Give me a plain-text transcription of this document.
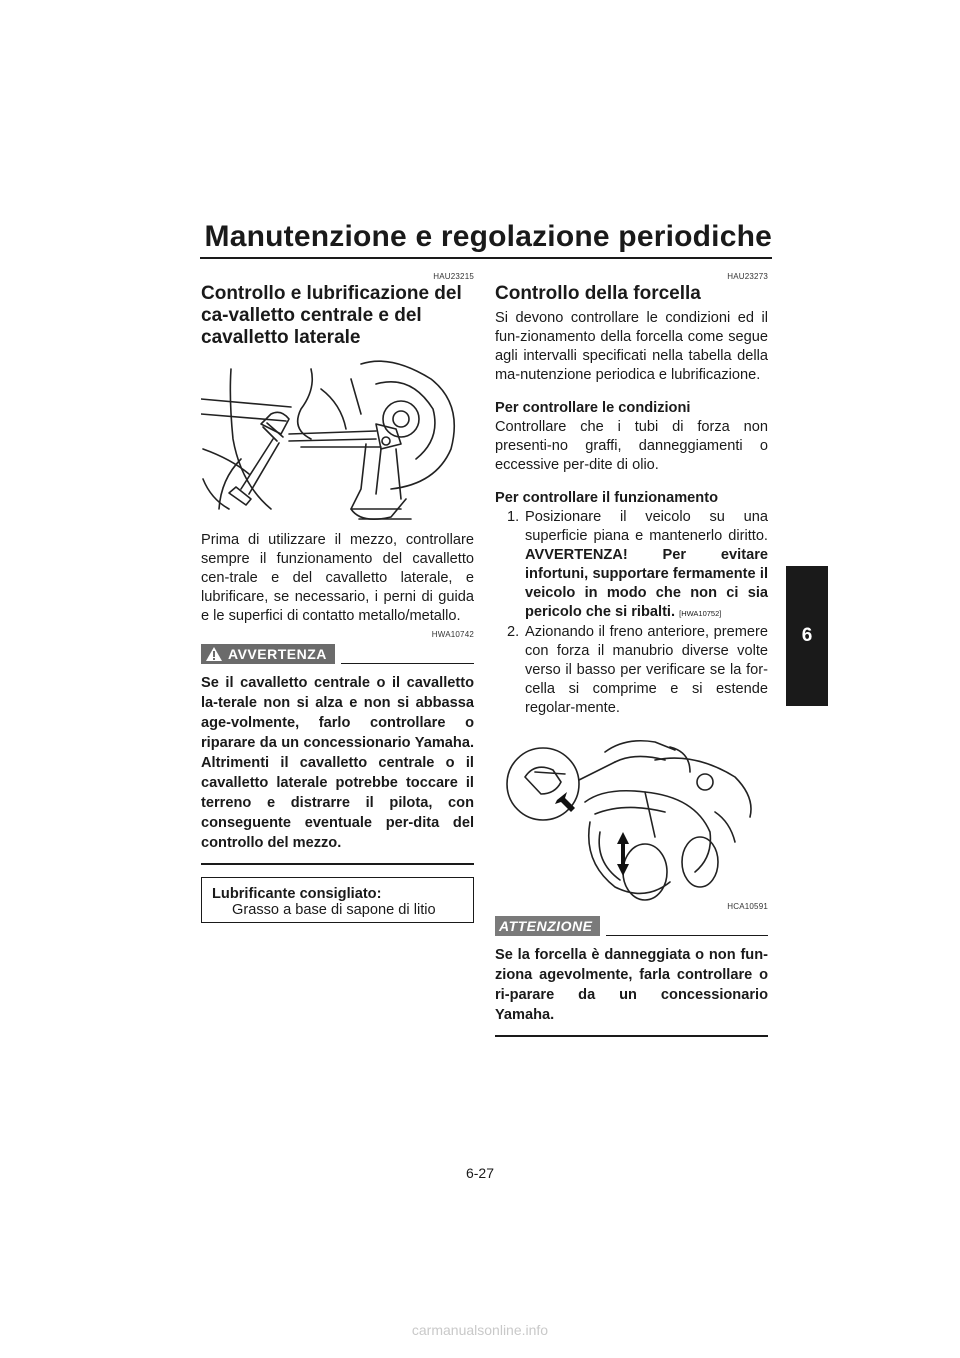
Manutenzione e regolazione periodiche
6
HAU23215
Controllo e lubrificazione del ca-valletto centrale e del cavalletto laterale

Prima di utilizzare il mezzo, controllare sempre il funzionamento del cavalletto cen-trale e del cavalletto laterale, e lubrificare, se necessario, i perni di guida e le superfici di contatto metallo/metallo.

HWA10742
AVVERTENZA

Se il cavalletto centrale o il cavalletto la-terale non si alza e non si abbassa age-volmente, farlo controllare o riparare da un concessionario Yamaha. Altrimenti il cavalletto centrale o il cavalletto laterale potrebbe toccare il terreno e distrarre il pilota, con conseguente eventuale per-dita del controllo del mezzo.

Lubrificante consigliato:
Grasso a base di sapone di litio
HAU23273
Controllo della forcella

Si devono controllare le condizioni ed il fun-zionamento della forcella come segue agli intervalli specificati nella tabella della ma-nutenzione periodica e lubrificazione.

Per controllare le condizioni

Controllare che i tubi di forza non presenti-no graffi, danneggiamenti o eccessive per-dite di olio.

Per controllare il funzionamento
1. Posizionare il veicolo su una superficie piana e mantenerlo diritto. AVVERTENZA! Per evitare infortuni, supportare fermamente il veicolo in modo che non ci sia pericolo che si ribalti. [HWA10752]
2. Azionando il freno anteriore, premere con forza il manubrio diverse volte verso il basso per verificare se la for-cella si comprime e si estende regolar-mente.
HCA10591
ATTENZIONE

Se la forcella è danneggiata o non fun-ziona agevolmente, farla controllare o ri-parare da un concessionario Yamaha.

6-27
carmanualsonline.info
